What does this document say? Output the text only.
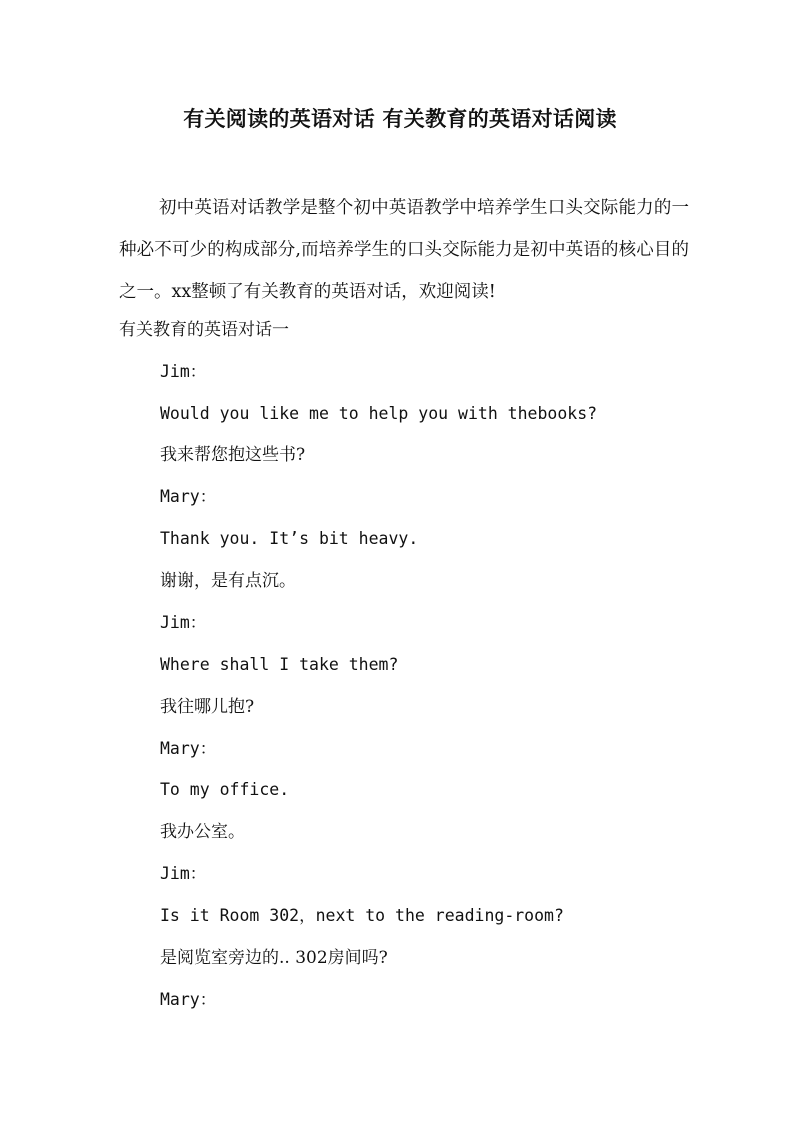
有关阅读的英语对话 有关教育的英语对话阅读
初中英语对话教学是整个初中英语教学中培养学生口头交际能力的一种必不可少的构成部分,而培养学生的口头交际能力是初中英语的核心目的之一。xx整顿了有关教育的英语对话，欢迎阅读!
有关教育的英语对话一
Jim：
Would you like me to help you with thebooks?
我来帮您抱这些书?
Mary：
Thank you. It’s bit heavy.
谢谢，是有点沉。
Jim：
Where shall I take them?
我往哪儿抱?
Mary：
To my office.
我办公室。
Jim：
Is it Room 302，next to the reading-room?
是阅览室旁边的.. 302房间吗?
Mary：
